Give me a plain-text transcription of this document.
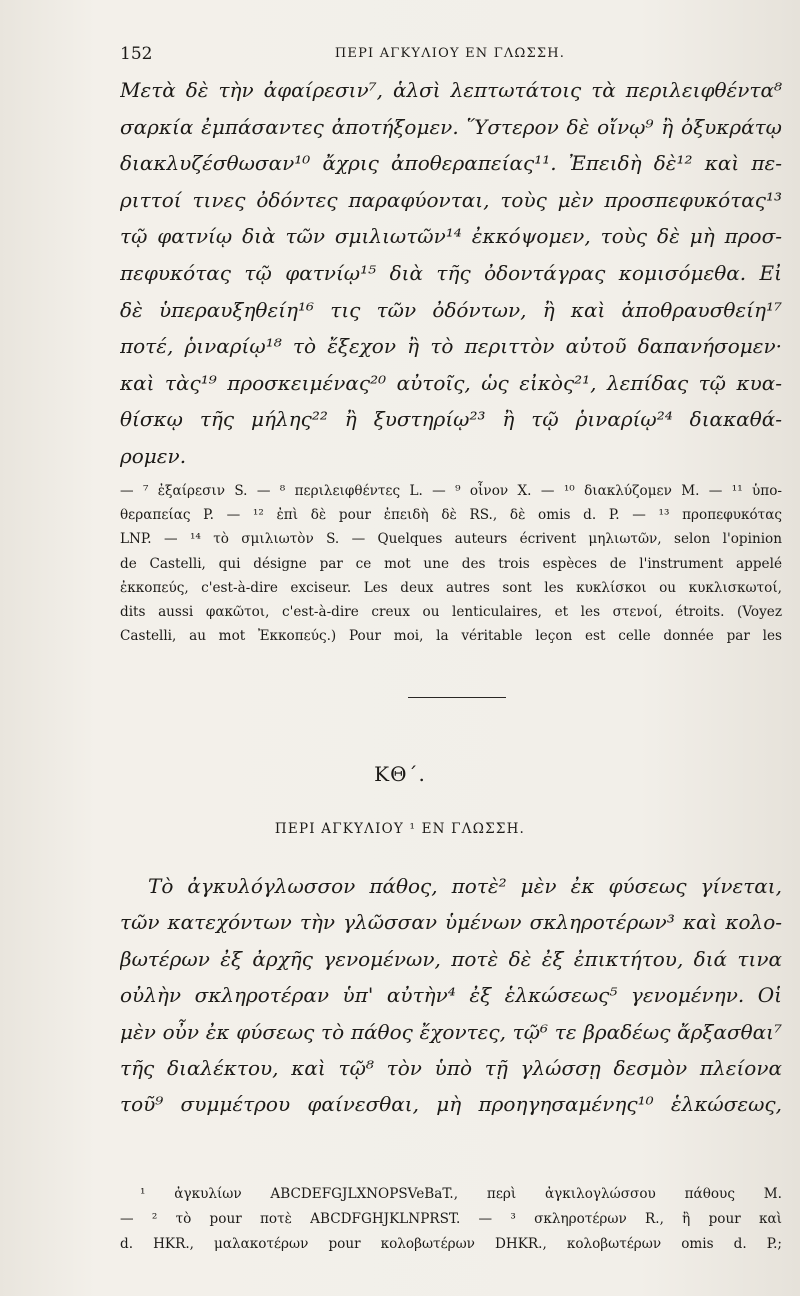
152	ΠΕΡΙ ΑΓΚΥΛΙΟΥ ΕΝ ΓΛΩΣΣΗ.
Μετὰ δὲ τὴν ἀφαίρεσιν⁷, ἁλσὶ λεπτωτάτοις τὰ περιλειφθέντα⁸
σαρκία ἐμπάσαντες ἀποτήξομεν. Ὕστερον δὲ οἴνῳ⁹ ἢ ὀξυκράτῳ
διακλυζέσθωσαν¹⁰ ἄχρις ἀποθεραπείας¹¹. Ἐπειδὴ δὲ¹² καὶ πε-
ριττοί τινες ὀδόντες παραφύονται, τοὺς μὲν προσπεφυκότας¹³
τῷ φατνίῳ διὰ τῶν σμιλιωτῶν¹⁴ ἐκκόψομεν, τοὺς δὲ μὴ προσ-
πεφυκότας τῷ φατνίῳ¹⁵ διὰ τῆς ὀδοντάγρας κομισόμεθα. Εἰ
δὲ ὑπεραυξηθείη¹⁶ τις τῶν ὀδόντων, ἢ καὶ ἀποθραυσθείη¹⁷
ποτέ, ῥιναρίῳ¹⁸ τὸ ἔξεχον ἢ τὸ περιττὸν αὐτοῦ δαπανήσομεν·
καὶ τὰς¹⁹ προσκειμένας²⁰ αὐτοῖς, ὡς εἰκὸς²¹, λεπίδας τῷ κυα-
θίσκῳ τῆς μήλης²² ἢ ξυστηρίῳ²³ ἢ τῷ ῥιναρίῳ²⁴ διακαθά-
ρομεν.
— ⁷ ἐξαίρεσιν S. — ⁸ περιλειφθέντες L. — ⁹ οἶνον X. — ¹⁰ διακλύζομεν M. — ¹¹ ὑπο-
θεραπείας P. — ¹² ἐπὶ δὲ pour ἐπειδὴ δὲ RS., δὲ omis d. P. — ¹³ προπεφυκότας
LNP. — ¹⁴ τὸ σμιλιωτὸν S. — Quelques auteurs écrivent μηλιωτῶν, selon l'opinion
de Castelli, qui désigne par ce mot une des trois espèces de l'instrument appelé
ἐκκοπεύς, c'est-à-dire exciseur. Les deux autres sont les κυκλίσκοι ou κυκλισκωτοί,
dits aussi φακῶτοι, c'est-à-dire creux ou lenticulaires, et les στενοί, étroits. (Voyez
Castelli, au mot Ἐκκοπεύς.) Pour moi, la véritable leçon est celle donnée par les
ΚΘ΄.
ΠΕΡΙ ΑΓΚΥΛΙΟΥ ¹ ΕΝ ΓΛΩΣΣΗ.
Τὸ ἀγκυλόγλωσσον πάθος, ποτὲ² μὲν ἐκ φύσεως γίνεται,
τῶν κατεχόντων τὴν γλῶσσαν ὑμένων σκληροτέρων³ καὶ κολο-
βωτέρων ἐξ ἀρχῆς γενομένων, ποτὲ δὲ ἐξ ἐπικτήτου, διά τινα
οὐλὴν σκληροτέραν ὑπ' αὐτὴν⁴ ἐξ ἑλκώσεως⁵ γενομένην. Οἱ
μὲν οὖν ἐκ φύσεως τὸ πάθος ἔχοντες, τῷ⁶ τε βραδέως ἄρξασθαι⁷
τῆς διαλέκτου, καὶ τῷ⁸ τὸν ὑπὸ τῇ γλώσσῃ δεσμὸν πλείονα
τοῦ⁹ συμμέτρου φαίνεσθαι, μὴ προηγησαμένης¹⁰ ἑλκώσεως,
¹ ἀγκυλίων ABCDEFGJLXNOPSVeBaT., περὶ ἀγκιλογλώσσου πάθους M.
— ² τὸ pour ποτὲ ABCDFGHJKLNPRST. — ³ σκληροτέρων R., ἢ pour καὶ
d. HKR., μαλακοτέρων pour κολοβωτέρων DHKR., κολοβωτέρων omis d. P.;
